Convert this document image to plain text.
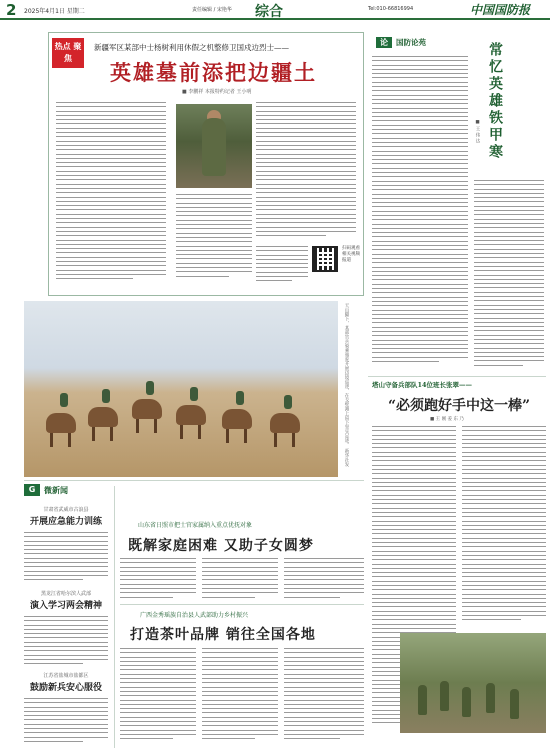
2 2025年4月1日 星期二	责任编辑 / 宋艳华 综合	Tel:010-66816994	中国国防报
热点 聚焦
新疆军区某部中士杨树利用休假之机整修卫国戍边烈士——
英雄墓前添把边疆土
■ 李鹏祥 本报特约记者 王小明
扫码观看 相关视频报道
天山脚下，某部官兵骑乘骆驼开展边境巡逻，在戈壁滩上留下坚实足迹。 新华社发
论	国防论苑	常忆英雄铁甲寒
■ 王 伟 达
塔山守备兵部队14位班长张翠——
“必须跑好手中这一棒”
■ 王 刚 姜 东 乃
G	微新闻
甘肃省武威市古浪县
开展应急能力训练
黑龙江省哈尔滨人武部
演入学习两会精神
江苏省盐城市盐都区
鼓励新兵安心服役
山东省日照市把士官家属纳入重点优抚对象
既解家庭困难 又助子女圆梦
广西金秀瑶族自治县人武部助力乡村振兴
打造茶叶品牌 销往全国各地
